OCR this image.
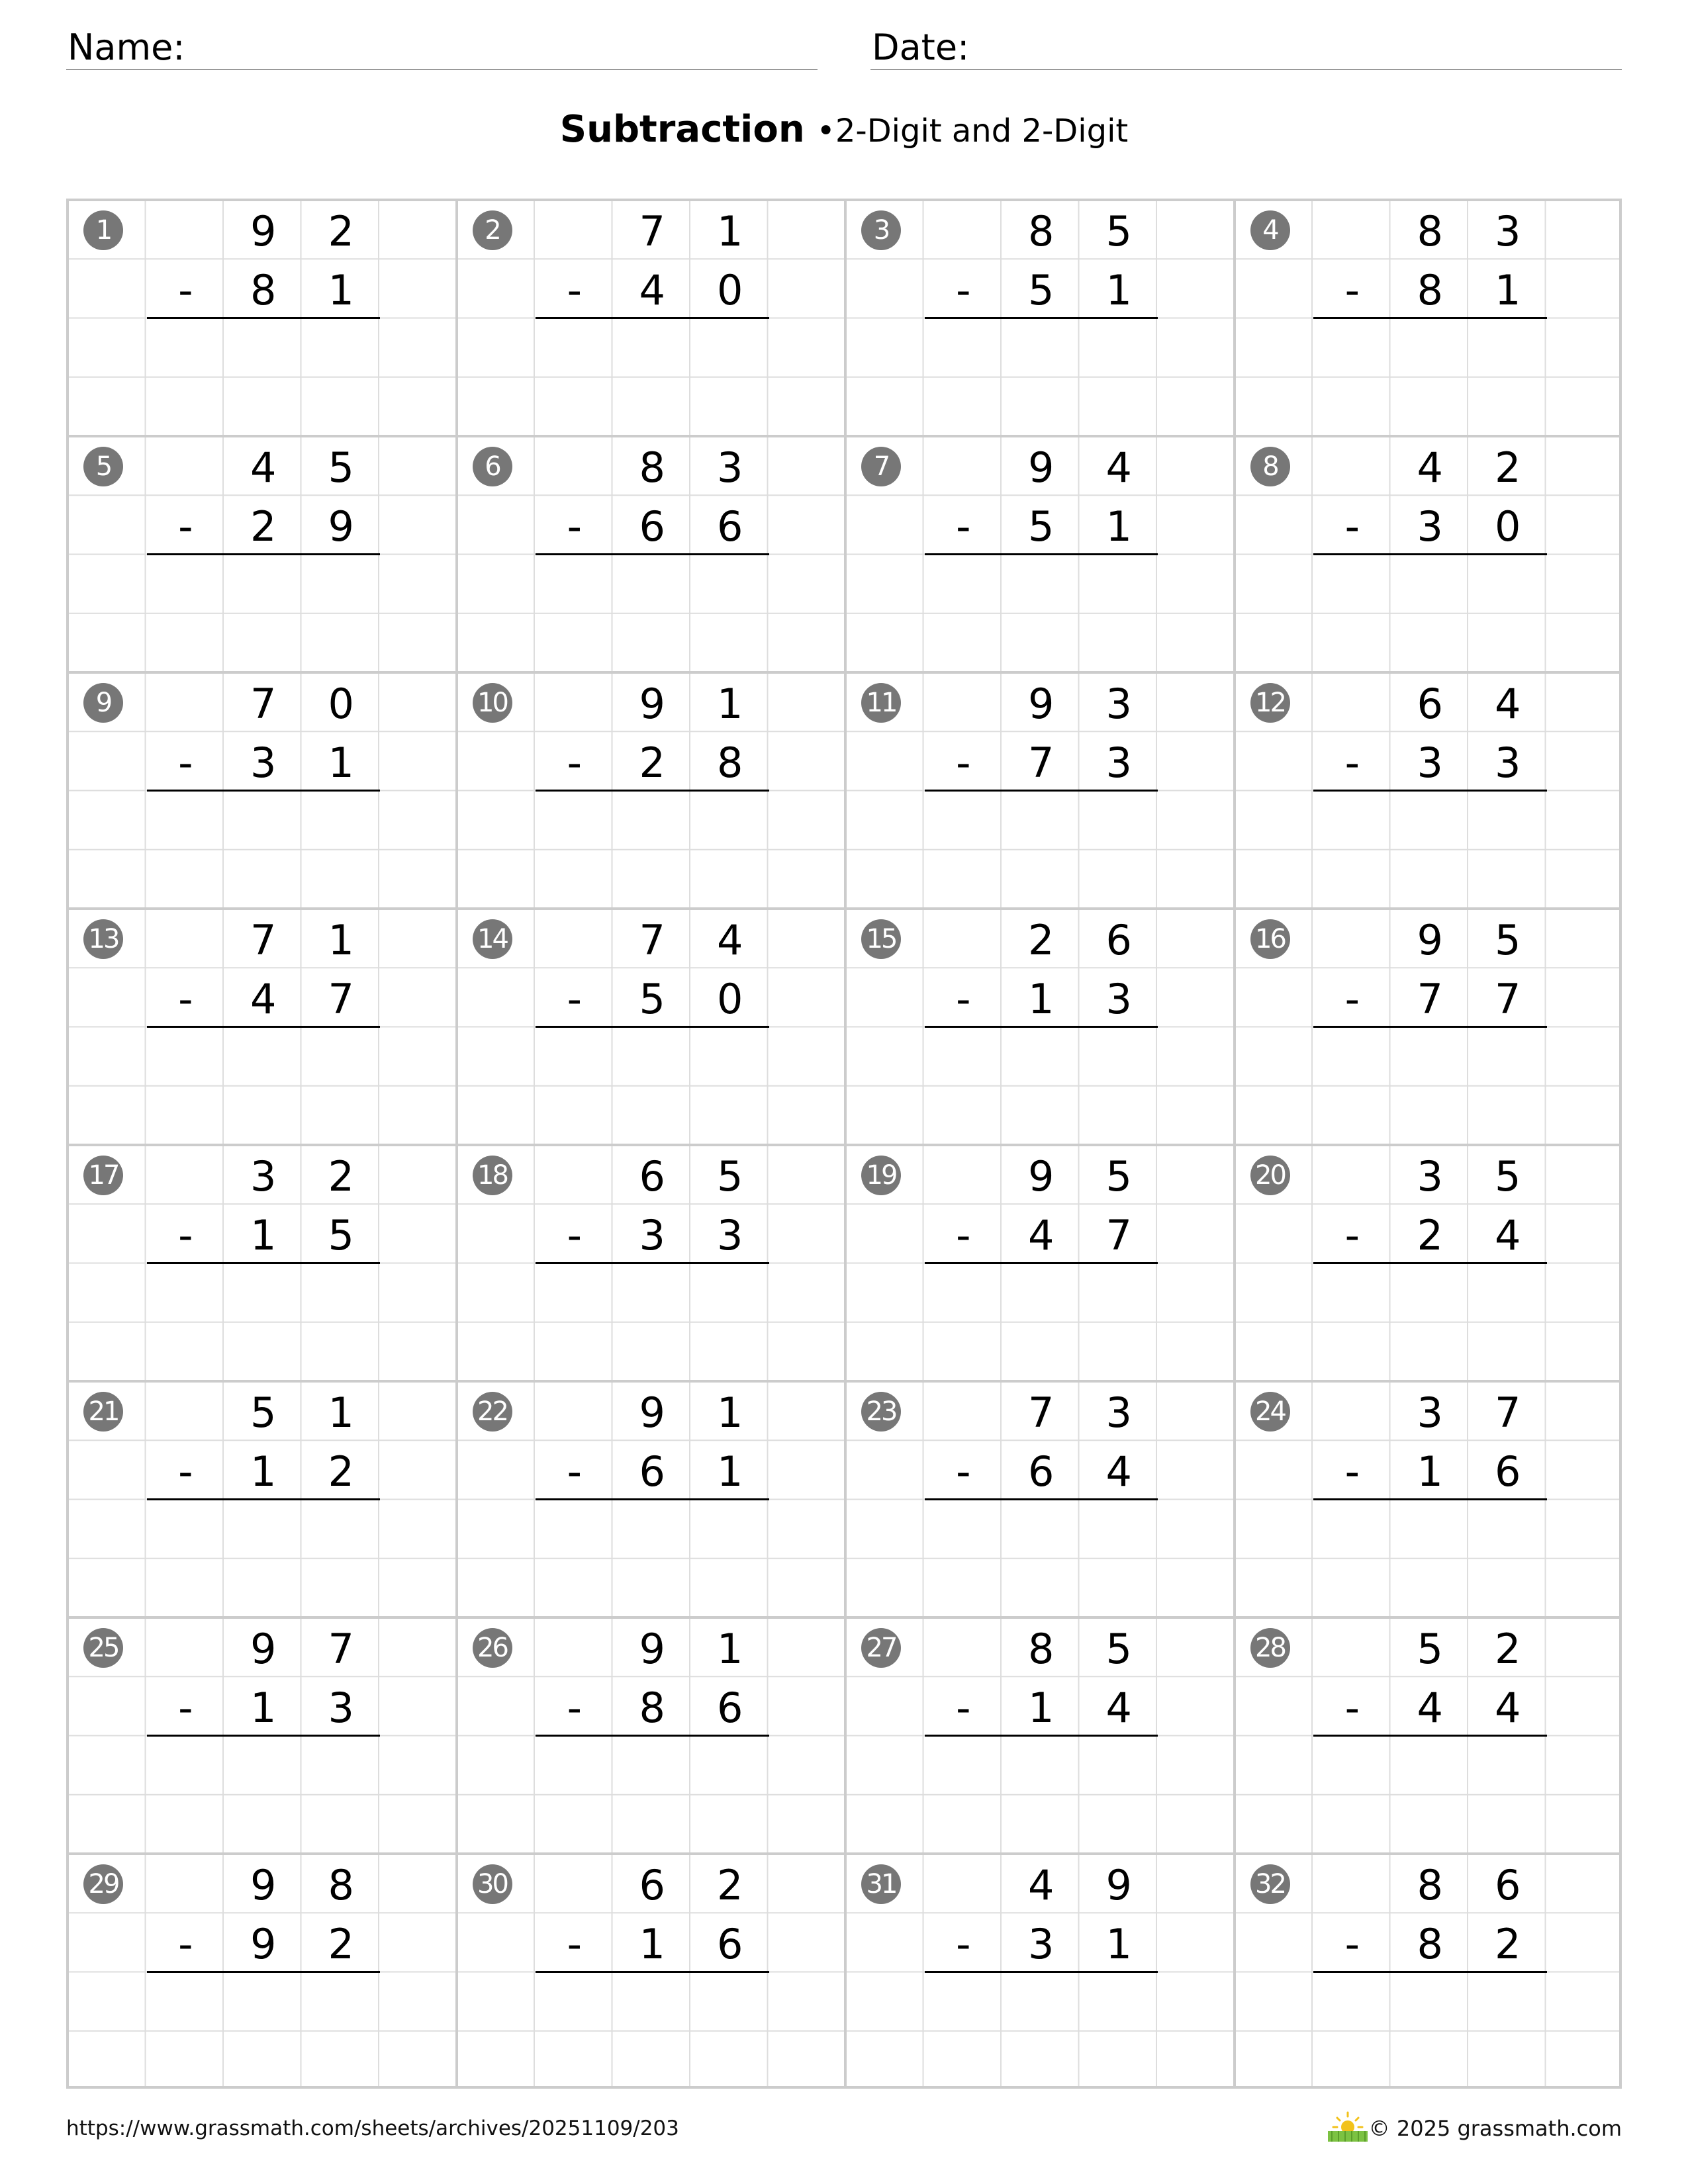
Name:	Date:
Subtraction •2-Digit and 2-Digit
1	9	2
-	8	1
2	7	1
-	4	0
3	8	5
-	5	1
4	8	3
-	8	1
5	4	5
-	2	9
6	8	3
-	6	6
7	9	4
-	5	1
8	4	2
-	3	0
9	7	0
-	3	1
10	9	1
-	2	8
11	9	3
-	7	3
12	6	4
-	3	3
13	7	1
-	4	7
14	7	4
-	5	0
15	2	6
-	1	3
16	9	5
-	7	7
17	3	2
-	1	5
18	6	5
-	3	3
19	9	5
-	4	7
20	3	5
-	2	4
21	5	1
-	1	2
22	9	1
-	6	1
23	7	3
-	6	4
24	3	7
-	1	6
25	9	7
-	1	3
26	9	1
-	8	6
27	8	5
-	1	4
28	5	2
-	4	4
29	9	8
-	9	2
30	6	2
-	1	6
31	4	9
-	3	1
32	8	6
-	8	2
https://www.grassmath.com/sheets/archives/20251109/203	© 2025 grassmath.com
